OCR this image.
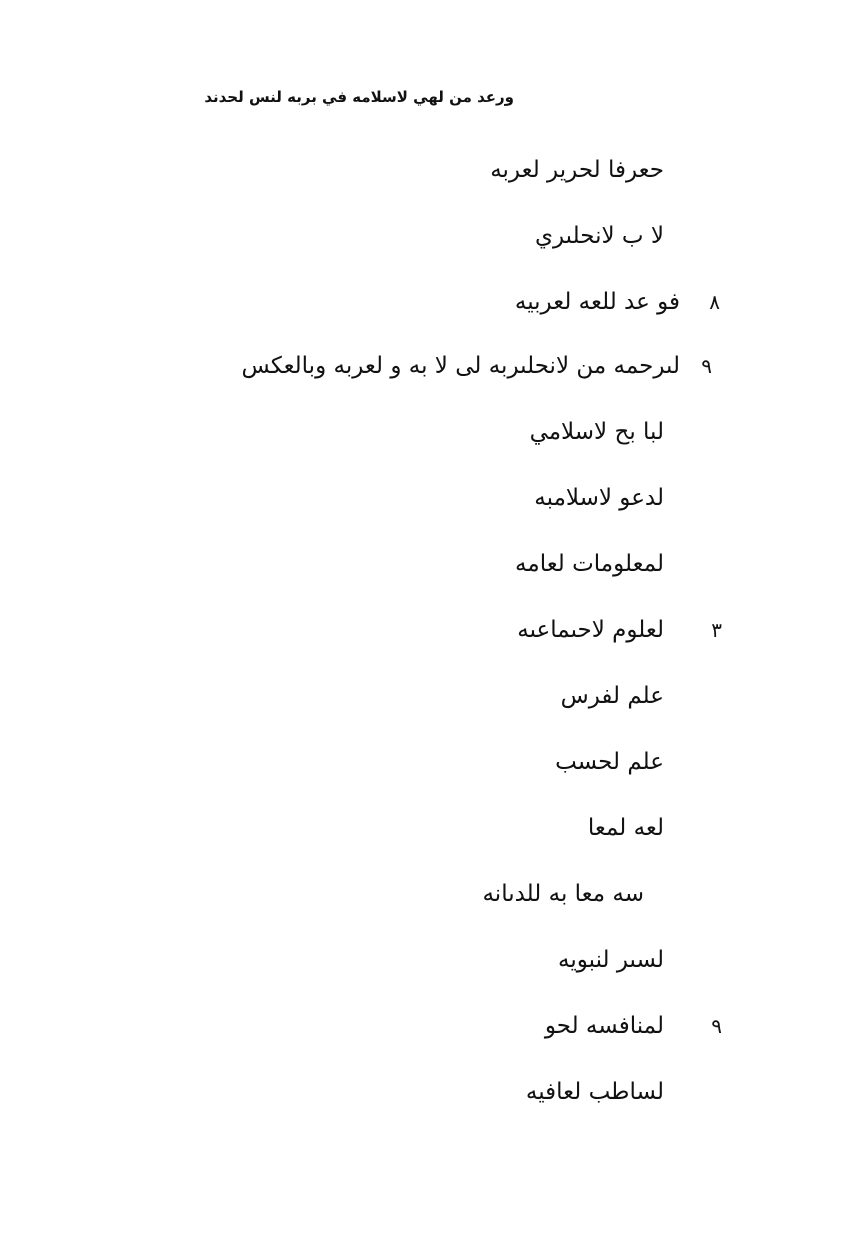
ورعد من لهي لاسلامه في بربه لنس لحدند
حعرفا لحرير لعربه
لا ب لانحلىري
فو عد للعه لعربيه ٨
لىرحمه من لانحلىربه لى لا به و لعربه وبالعكس ٩
لبا بح لاسلامي
لدعو لاسلامبه
لمعلومات لعامه
لعلوم لاحىماعىه ٣
علم لفرس
علم لحسب
لعه لمعا
سه معا به للدىانه
لسىر لنبويه
لمنافسه لحو ٩
لساطب لعافيه
